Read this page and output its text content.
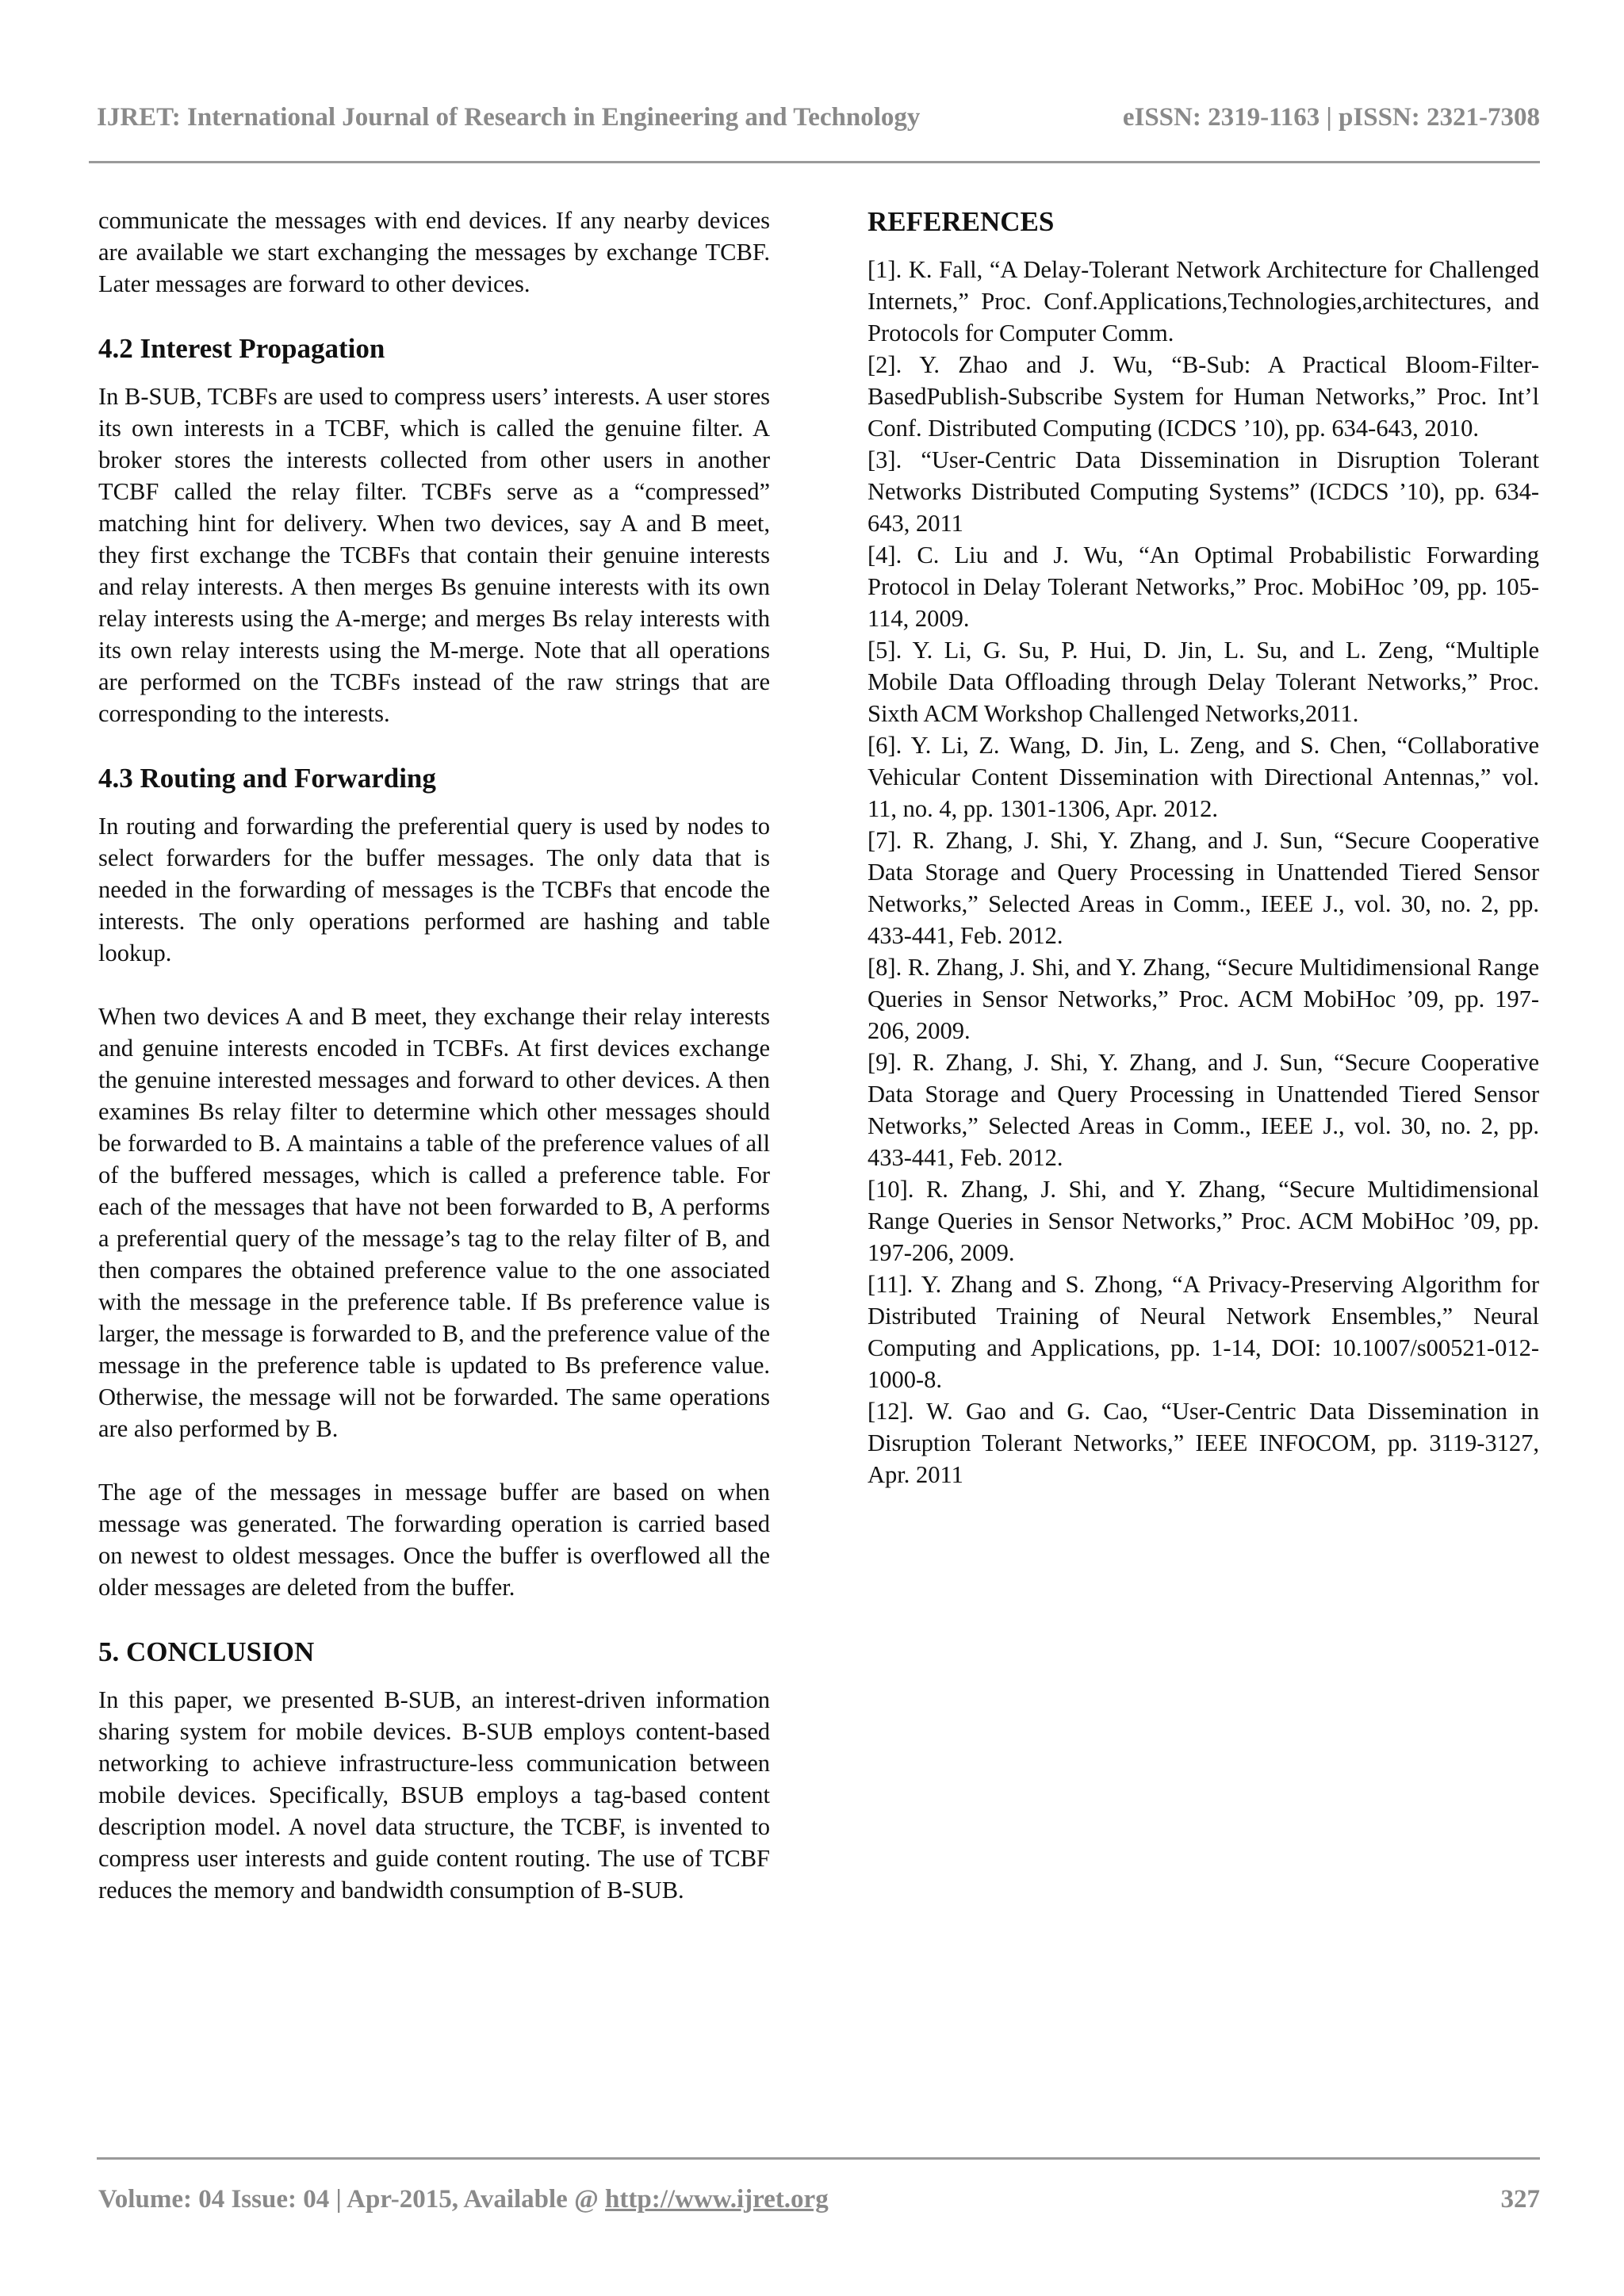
IJRET: International Journal of Research in Engineering and Technology	eISSN: 2319-1163 | pISSN: 2321-7308

communicate the messages with end devices. If any nearby devices are available we start exchanging the messages by exchange TCBF. Later messages are forward to other devices.

4.2 Interest Propagation

In B-SUB, TCBFs are used to compress users’ interests. A user stores its own interests in a TCBF, which is called the genuine filter. A broker stores the interests collected from other users in another TCBF called the relay filter. TCBFs serve as a “compressed” matching hint for delivery. When two devices, say A and B meet, they first exchange the TCBFs that contain their genuine interests and relay interests. A then merges Bs genuine interests with its own relay interests using the A-merge; and merges Bs relay interests with its own relay interests using the M-merge. Note that all operations are performed on the TCBFs instead of the raw strings that are corresponding to the interests.

4.3 Routing and Forwarding

In routing and forwarding the preferential query is used by nodes to select forwarders for the buffer messages. The only data that is needed in the forwarding of messages is the TCBFs that encode the interests. The only operations performed are hashing and table lookup.

When two devices A and B meet, they exchange their relay interests and genuine interests encoded in TCBFs. At first devices exchange the genuine interested messages and forward to other devices. A then examines Bs relay filter to determine which other messages should be forwarded to B. A maintains a table of the preference values of all of the buffered messages, which is called a preference table. For each of the messages that have not been forwarded to B, A performs a preferential query of the message’s tag to the relay filter of B, and then compares the obtained preference value to the one associated with the message in the preference table. If Bs preference value is larger, the message is forwarded to B, and the preference value of the message in the preference table is updated to Bs preference value. Otherwise, the message will not be forwarded. The same operations are also performed by B.

The age of the messages in message buffer are based on when message was generated. The forwarding operation is carried based on newest to oldest messages. Once the buffer is overflowed all the older messages are deleted from the buffer.

5. CONCLUSION

In this paper, we presented B-SUB, an interest-driven information sharing system for mobile devices. B-SUB employs content-based networking to achieve infrastructure-less communication between mobile devices. Specifically, BSUB employs a tag-based content description model. A novel data structure, the TCBF, is invented to compress user interests and guide content routing. The use of TCBF reduces the memory and bandwidth consumption of B-SUB.

REFERENCES

[1]. K. Fall, “A Delay-Tolerant Network Architecture for Challenged Internets,” Proc. Conf.Applications,Technologies,architectures, and Protocols for Computer Comm.

[2]. Y. Zhao and J. Wu, “B-Sub: A Practical Bloom-Filter-BasedPublish-Subscribe System for Human Networks,” Proc. Int’l Conf. Distributed Computing (ICDCS ’10), pp. 634-643, 2010.

[3]. “User-Centric Data Dissemination in Disruption Tolerant Networks Distributed Computing Systems” (ICDCS ’10), pp. 634-643, 2011

[4]. C. Liu and J. Wu, “An Optimal Probabilistic Forwarding Protocol in Delay Tolerant Networks,” Proc. MobiHoc ’09, pp. 105-114, 2009.

[5]. Y. Li, G. Su, P. Hui, D. Jin, L. Su, and L. Zeng, “Multiple Mobile Data Offloading through Delay Tolerant Networks,” Proc. Sixth ACM Workshop Challenged Networks,2011.

[6]. Y. Li, Z. Wang, D. Jin, L. Zeng, and S. Chen, “Collaborative Vehicular Content Dissemination with Directional Antennas,” vol. 11, no. 4, pp. 1301-1306, Apr. 2012.

[7]. R. Zhang, J. Shi, Y. Zhang, and J. Sun, “Secure Cooperative Data Storage and Query Processing in Unattended Tiered Sensor Networks,” Selected Areas in Comm., IEEE J., vol. 30, no. 2, pp. 433-441, Feb. 2012.

[8]. R. Zhang, J. Shi, and Y. Zhang, “Secure Multidimensional Range Queries in Sensor Networks,” Proc. ACM MobiHoc ’09, pp. 197-206, 2009.

[9]. R. Zhang, J. Shi, Y. Zhang, and J. Sun, “Secure Cooperative Data Storage and Query Processing in Unattended Tiered Sensor Networks,” Selected Areas in Comm., IEEE J., vol. 30, no. 2, pp. 433-441, Feb. 2012.

[10]. R. Zhang, J. Shi, and Y. Zhang, “Secure Multidimensional Range Queries in Sensor Networks,” Proc. ACM MobiHoc ’09, pp. 197-206, 2009.

[11]. Y. Zhang and S. Zhong, “A Privacy-Preserving Algorithm for Distributed Training of Neural Network Ensembles,” Neural Computing and Applications, pp. 1-14, DOI: 10.1007/s00521-012- 1000-8.

[12]. W. Gao and G. Cao, “User-Centric Data Dissemination in Disruption Tolerant Networks,” IEEE INFOCOM, pp. 3119-3127, Apr. 2011

Volume: 04 Issue: 04 | Apr-2015, Available @ http://www.ijret.org	327
